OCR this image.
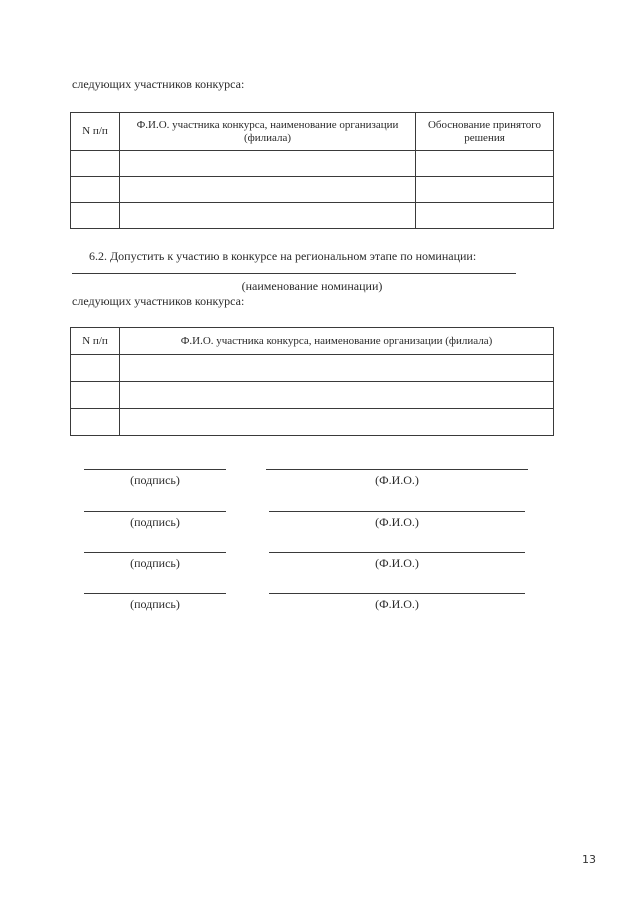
следующих участников конкурса:
N п/п	Ф.И.О. участника конкурса, наименование организации (филиала)	Обоснование принятого решения

6.2. Допустить к участию в конкурсе на региональном этапе по номинации:
(наименование номинации)
следующих участников конкурса:
N п/п	Ф.И.О. участника конкурса, наименование организации (филиала)

(подпись)	(Ф.И.О.)
(подпись)	(Ф.И.О.)
(подпись)	(Ф.И.О.)
(подпись)	(Ф.И.О.)
13
